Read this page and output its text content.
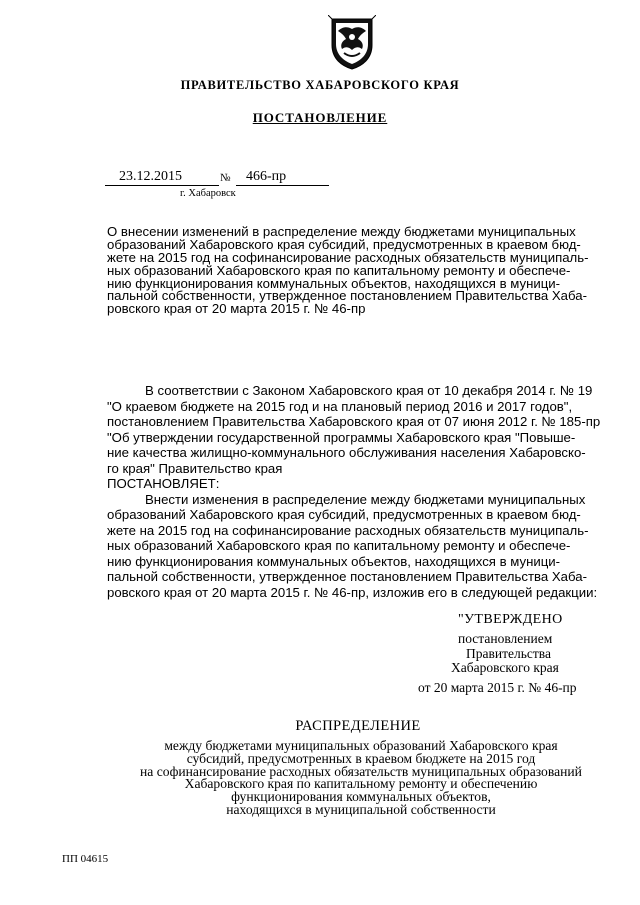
ПРАВИТЕЛЬСТВО ХАБАРОВСКОГО КРАЯ
ПОСТАНОВЛЕНИЕ
23.12.2015	№	466-пр
г. Хабаровск
О внесении изменений в распределение между бюджетами муниципальных
образований Хабаровского края субсидий, предусмотренных в краевом бюд-
жете на 2015 год на софинансирование расходных обязательств муниципаль-
ных образований Хабаровского края по капитальному ремонту и обеспече-
нию функционирования коммунальных объектов, находящихся в муници-
пальной собственности, утвержденное постановлением Правительства Хаба-
ровского края от 20 марта 2015 г. № 46-пр
В соответствии с Законом Хабаровского края от 10 декабря 2014 г. № 19
"О краевом бюджете на 2015 год и на плановый период 2016 и 2017 годов",
постановлением Правительства Хабаровского края от 07 июня 2012 г. № 185-пр
"Об утверждении государственной программы Хабаровского края "Повыше-
ние качества жилищно-коммунального обслуживания населения Хабаровско-
го края" Правительство края
ПОСТАНОВЛЯЕТ:
Внести изменения в распределение между бюджетами муниципальных
образований Хабаровского края субсидий, предусмотренных в краевом бюд-
жете на 2015 год на софинансирование расходных обязательств муниципаль-
ных образований Хабаровского края по капитальному ремонту и обеспече-
нию функционирования коммунальных объектов, находящихся в муници-
пальной собственности, утвержденное постановлением Правительства Хаба-
ровского края от 20 марта 2015 г. № 46-пр, изложив его в следующей редакции:
"УТВЕРЖДЕНО
постановлением
Правительства
Хабаровского края
от 20 марта 2015 г. № 46-пр
РАСПРЕДЕЛЕНИЕ
между бюджетами муниципальных образований Хабаровского края
субсидий, предусмотренных в краевом бюджете на 2015 год
на софинансирование расходных обязательств муниципальных образований
Хабаровского края по капитальному ремонту и обеспечению
функционирования коммунальных объектов,
находящихся в муниципальной собственности
ПП 04615
